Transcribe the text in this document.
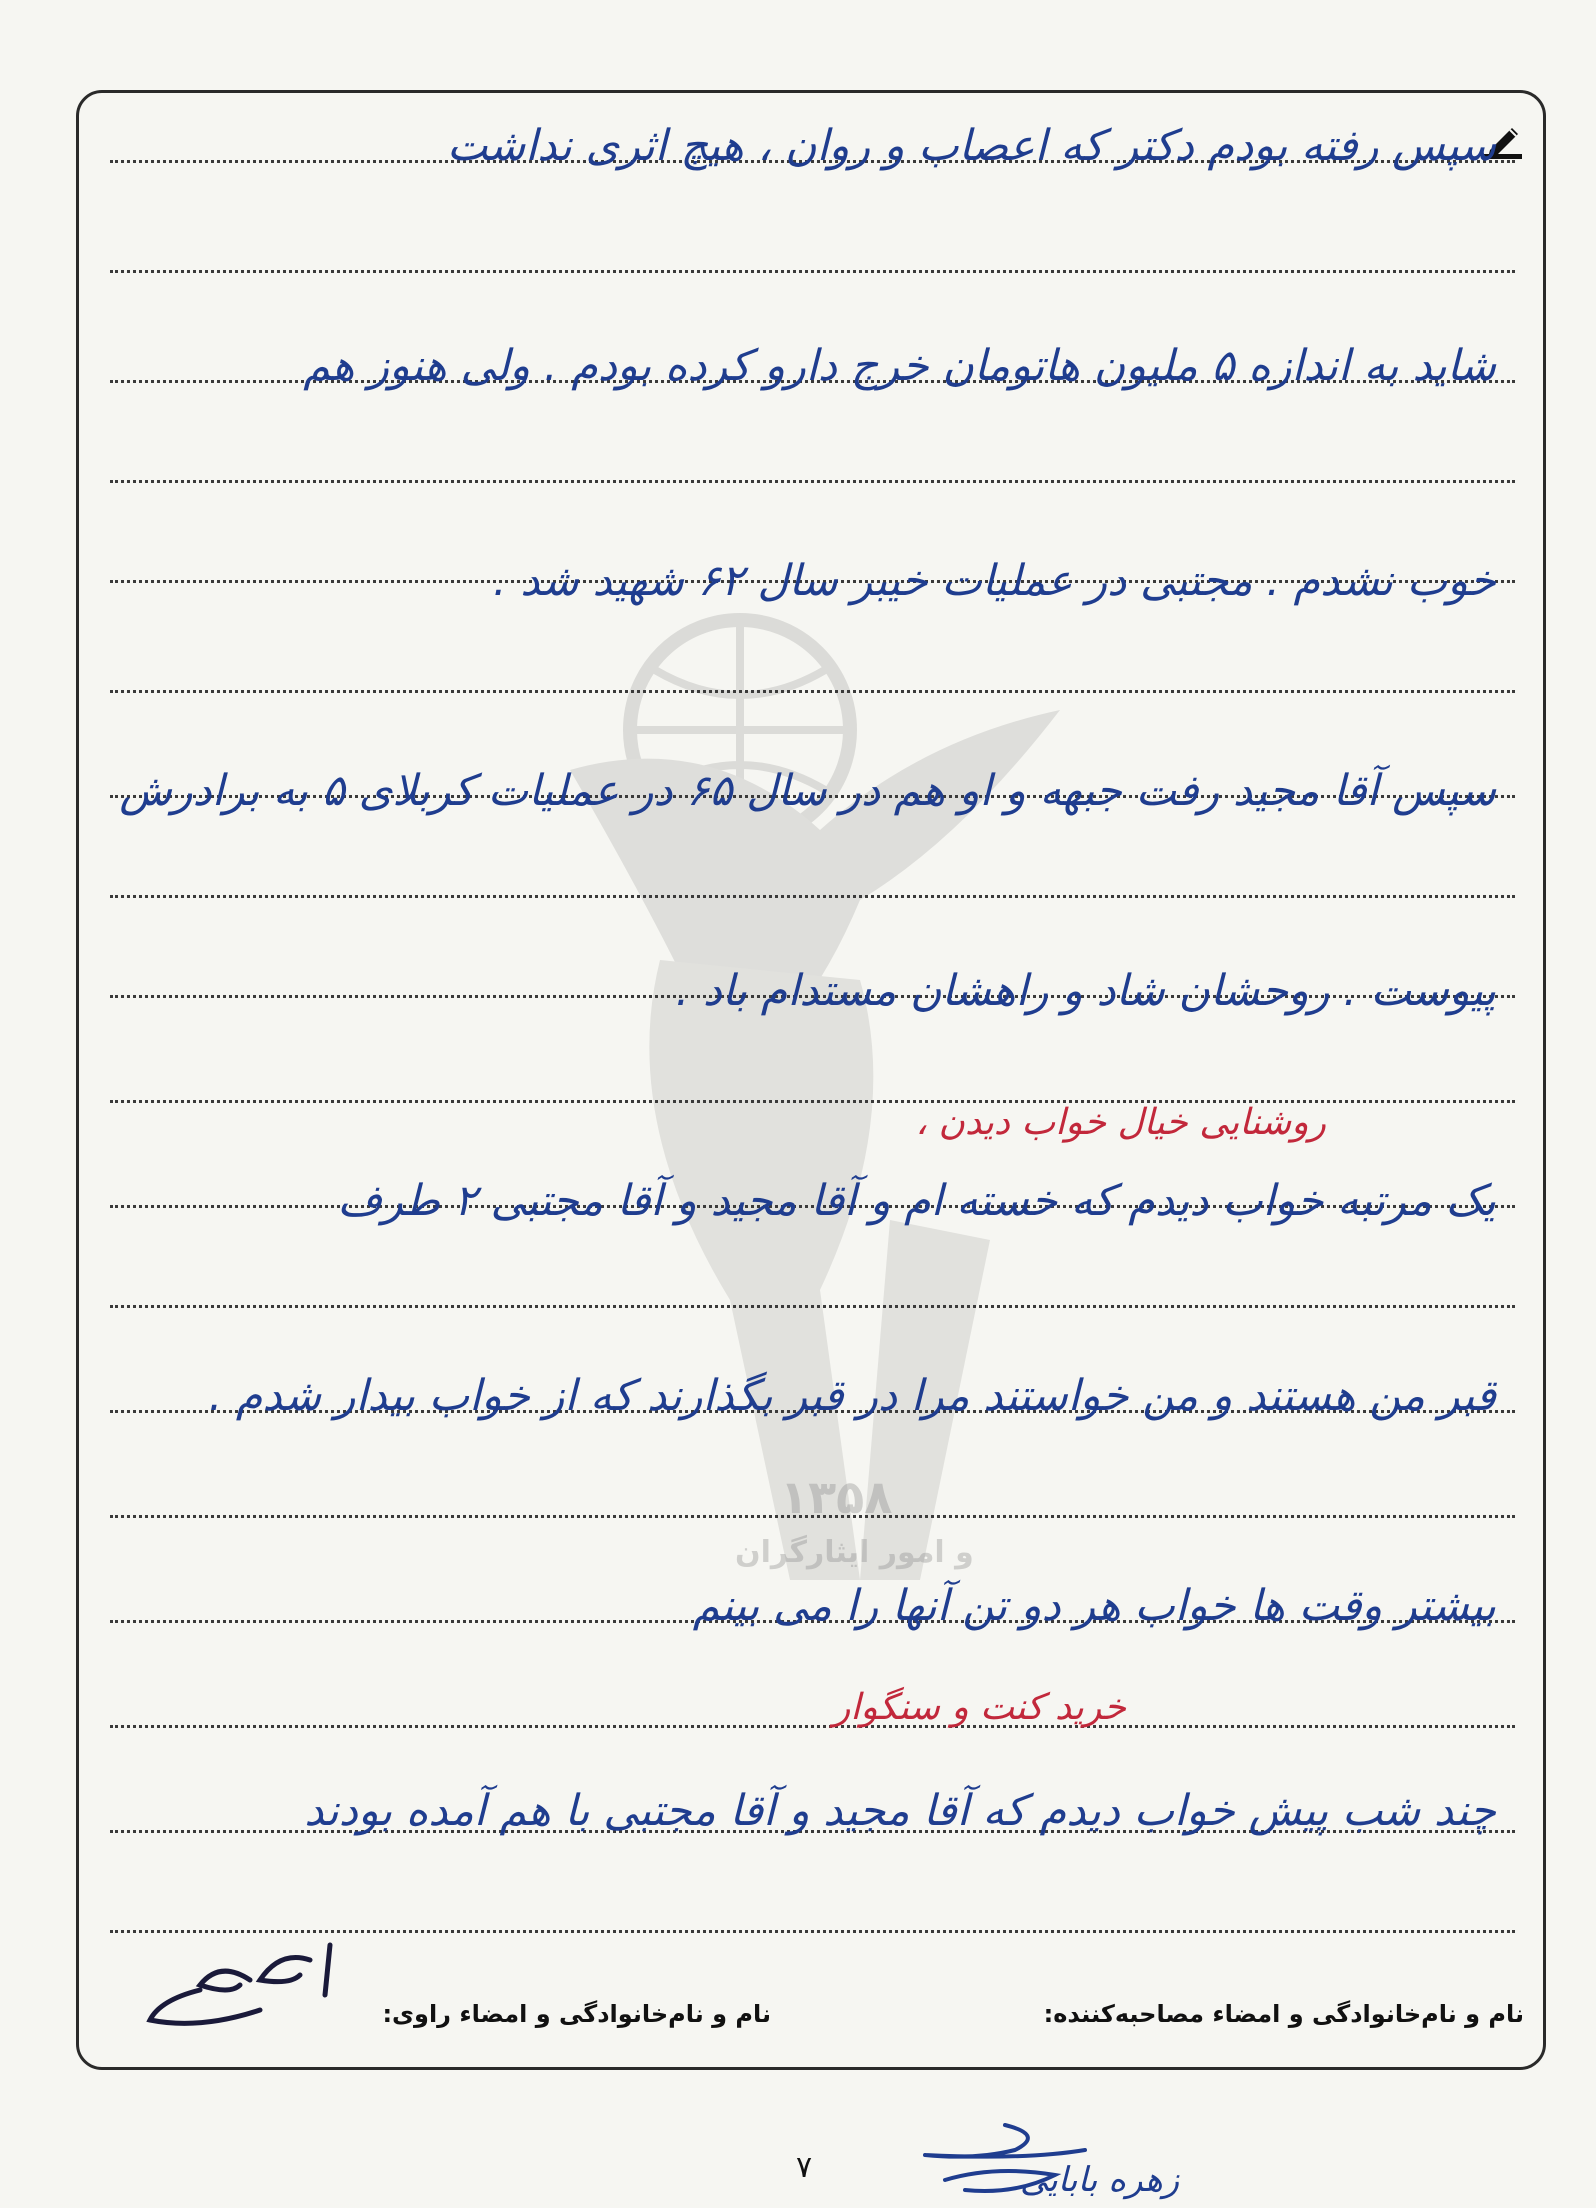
۱۳۵۸
و امور ایثارگران
سپس رفته بودم دکتر که اعصاب و روان ، هیچ اثری نداشت
شاید به اندازه ۵ ملیون هاتومان خرج دارو کرده بودم . ولی هنوز هم
خوب نشدم . مجتبی در عملیات خیبر سال ۶۲ شهید شد .
سپس آقا مجید رفت جبهه و او هم در سال ۶۵ در عملیات کربلای ۵ به برادرش
پیوست . روحشان شاد و راهشان مستدام باد .
روشنایی خیال خواب دیدن ،
یک مرتبه خواب دیدم که خسته ام و آقا مجید و آقا مجتبی ۲ طرف
قبر من هستند و من خواستند مرا در قبر بگذارند که از خواب بیدار شدم .
بیشتر وقت ها خواب هر دو تن آنها را می بینم
خرید کنت و سنگوار
چند شب پیش خواب دیدم که آقا مجید و آقا مجتبی با هم آمده بودند
نام و نام‌خانوادگی و امضاء مصاحبه‌کننده:
نام و نام‌خانوادگی و امضاء راوی:
زهره بابایی
۷
